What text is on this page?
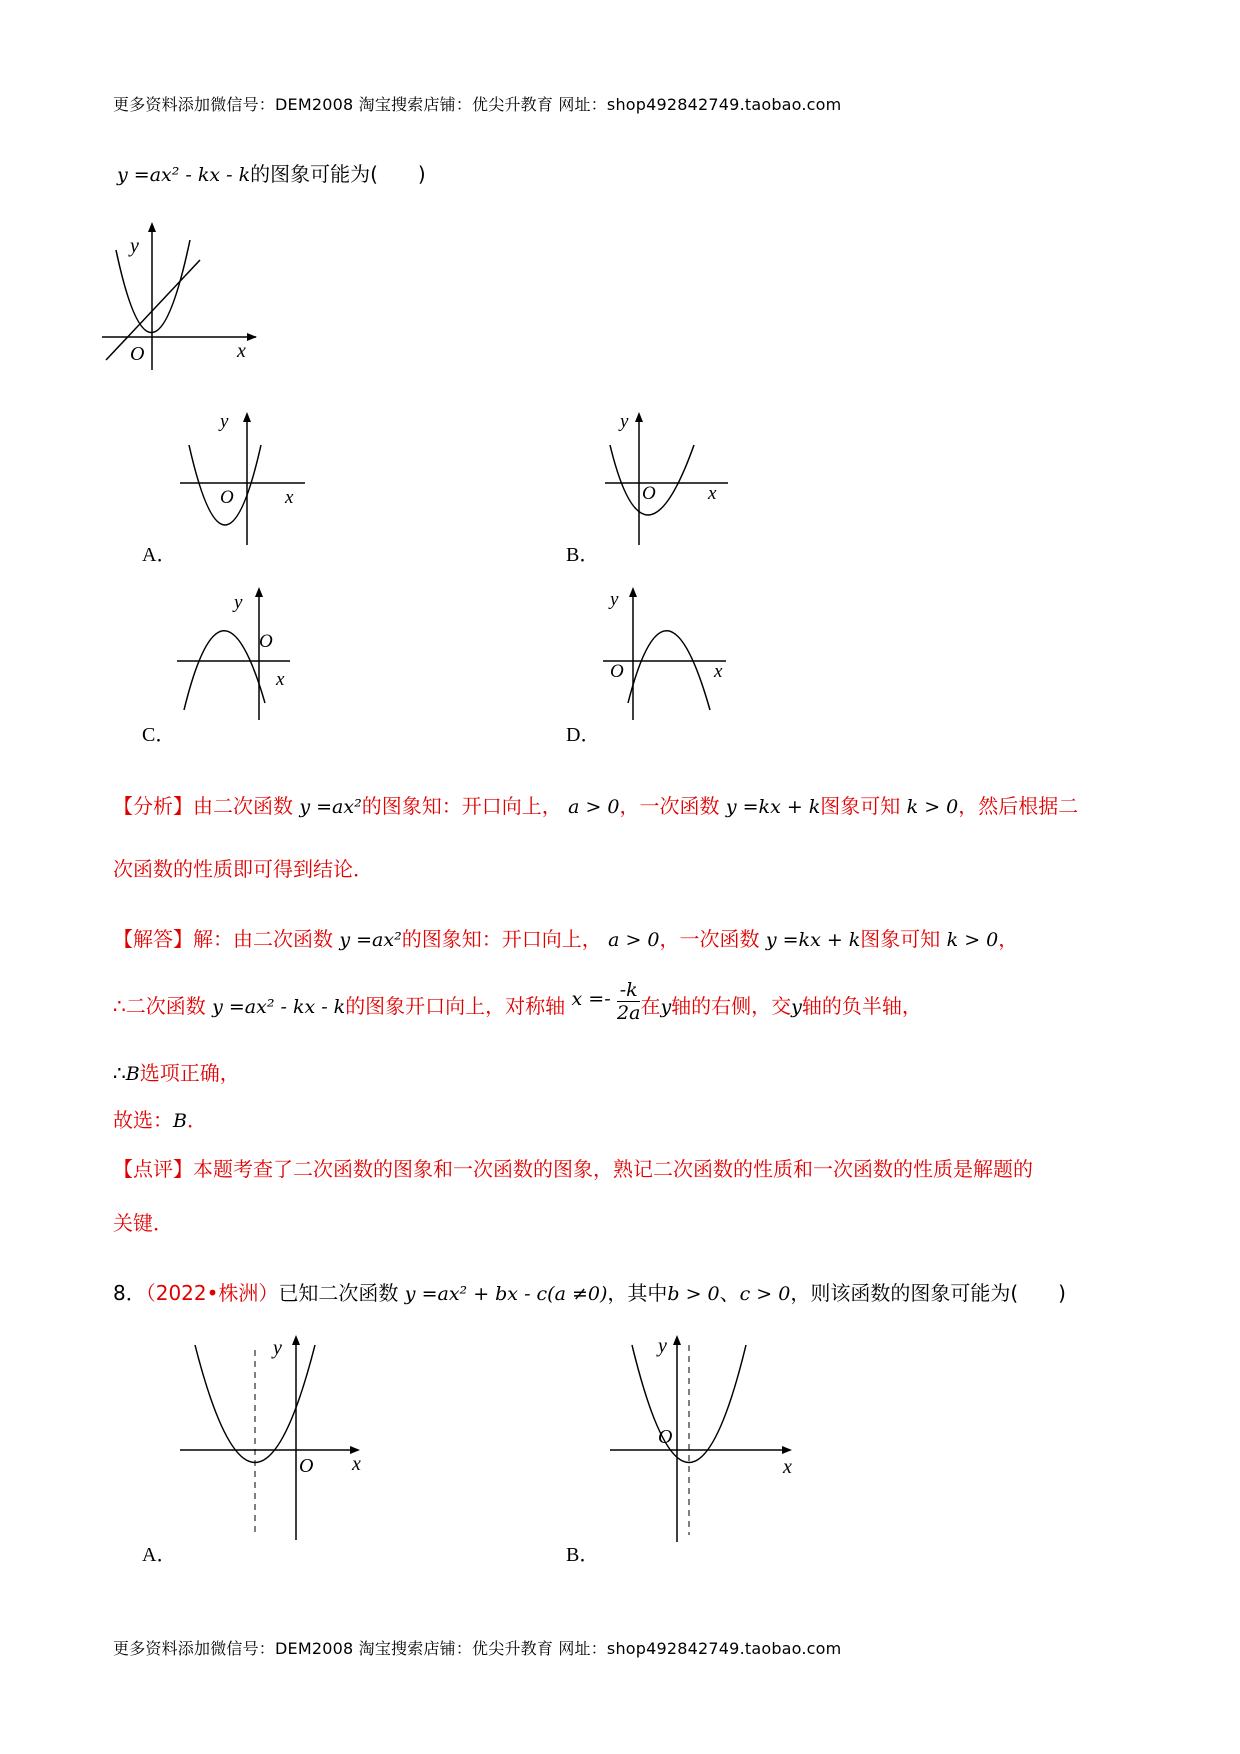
更多资料添加微信号：DEM2008 淘宝搜索店铺：优尖升教育 网址：shop492842749.taobao.com
y =ax² - kx - k的图象可能为(　　)
y
x
O
y
x
O
A．
y
x
O
B．
y
x
O
C．
y
x
O
D．
【分析】由二次函数 y =ax²的图象知：开口向上， a > 0，一次函数 y =kx + k图象可知 k > 0，然后根据二
次函数的性质即可得到结论．
【解答】解：由二次函数 y =ax²的图象知：开口向上， a > 0，一次函数 y =kx + k图象可知 k > 0，
∴二次函数 y =ax² - kx - k的图象开口向上，对称轴 $x =- \frac{-k}{2a}$ 在y轴的右侧，交y轴的负半轴，
∴B选项正确，
故选：B．
【点评】本题考查了二次函数的图象和一次函数的图象，熟记二次函数的性质和一次函数的性质是解题的
关键．
8．（2022•株洲）已知二次函数 y =ax² + bx - c(a ≠0)，其中b > 0、c > 0，则该函数的图象可能为(　　)
y
x
O
A．
y
x
O
B．
更多资料添加微信号：DEM2008 淘宝搜索店铺：优尖升教育 网址：shop492842749.taobao.com
